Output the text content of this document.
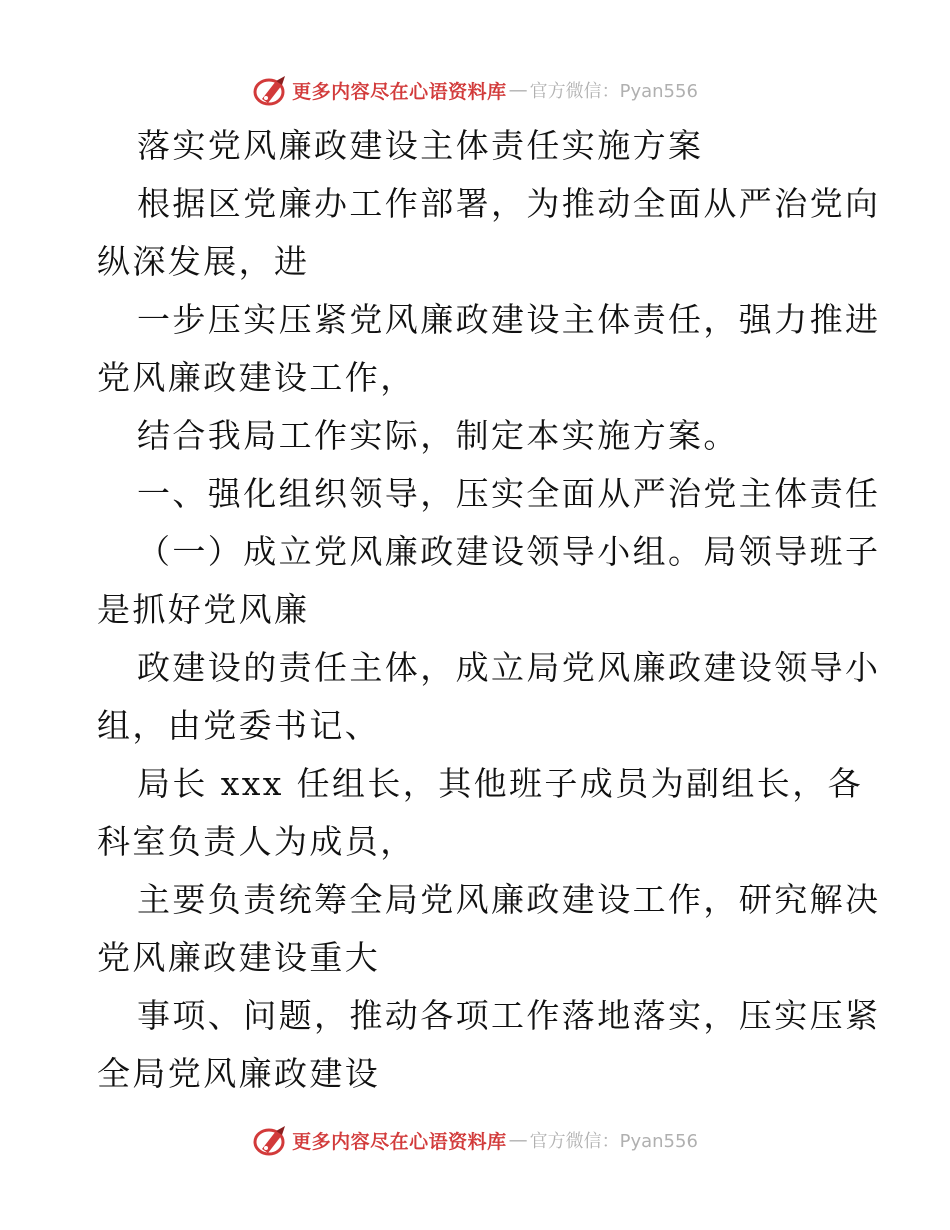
更多内容尽在心语资料库 — 官方微信：Pyan556
落实党风廉政建设主体责任实施方案
根据区党廉办工作部署，为推动全面从严治党向
纵深发展，进
一步压实压紧党风廉政建设主体责任，强力推进
党风廉政建设工作，
结合我局工作实际，制定本实施方案。
一、强化组织领导，压实全面从严治党主体责任
（一）成立党风廉政建设领导小组。局领导班子
是抓好党风廉
政建设的责任主体，成立局党风廉政建设领导小
组，由党委书记、
局长 xxx 任组长，其他班子成员为副组长，各
科室负责人为成员，
主要负责统筹全局党风廉政建设工作，研究解决
党风廉政建设重大
事项、问题，推动各项工作落地落实，压实压紧
全局党风廉政建设
更多内容尽在心语资料库 — 官方微信：Pyan556
